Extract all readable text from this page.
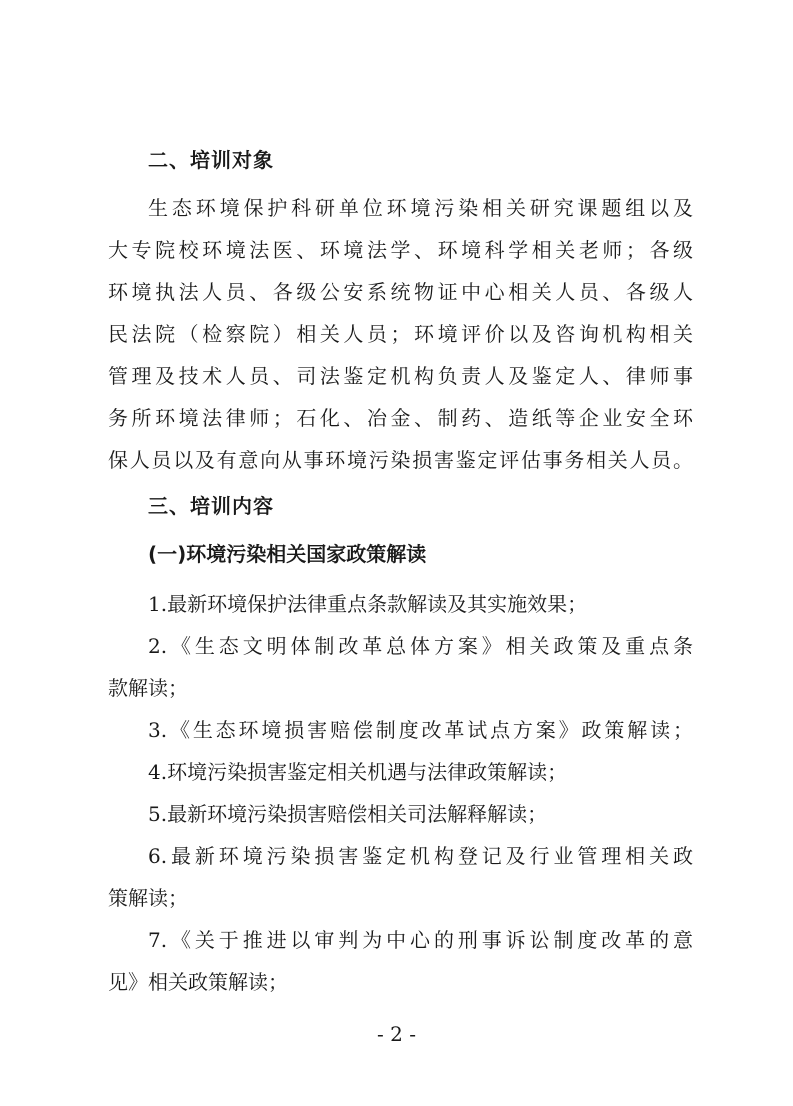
二、培训对象
生态环境保护科研单位环境污染相关研究课题组以及
大专院校环境法医、环境法学、环境科学相关老师；各级
环境执法人员、各级公安系统物证中心相关人员、各级人
民法院（检察院）相关人员；环境评价以及咨询机构相关
管理及技术人员、司法鉴定机构负责人及鉴定人、律师事
务所环境法律师；石化、冶金、制药、造纸等企业安全环
保人员以及有意向从事环境污染损害鉴定评估事务相关人员。
三、培训内容
(一)环境污染相关国家政策解读
1.最新环境保护法律重点条款解读及其实施效果；
2.《生态文明体制改革总体方案》相关政策及重点条
款解读；
3.《生态环境损害赔偿制度改革试点方案》政策解读；
4.环境污染损害鉴定相关机遇与法律政策解读；
5.最新环境污染损害赔偿相关司法解释解读；
6.最新环境污染损害鉴定机构登记及行业管理相关政
策解读；
7.《关于推进以审判为中心的刑事诉讼制度改革的意
见》相关政策解读；
- 2 -
